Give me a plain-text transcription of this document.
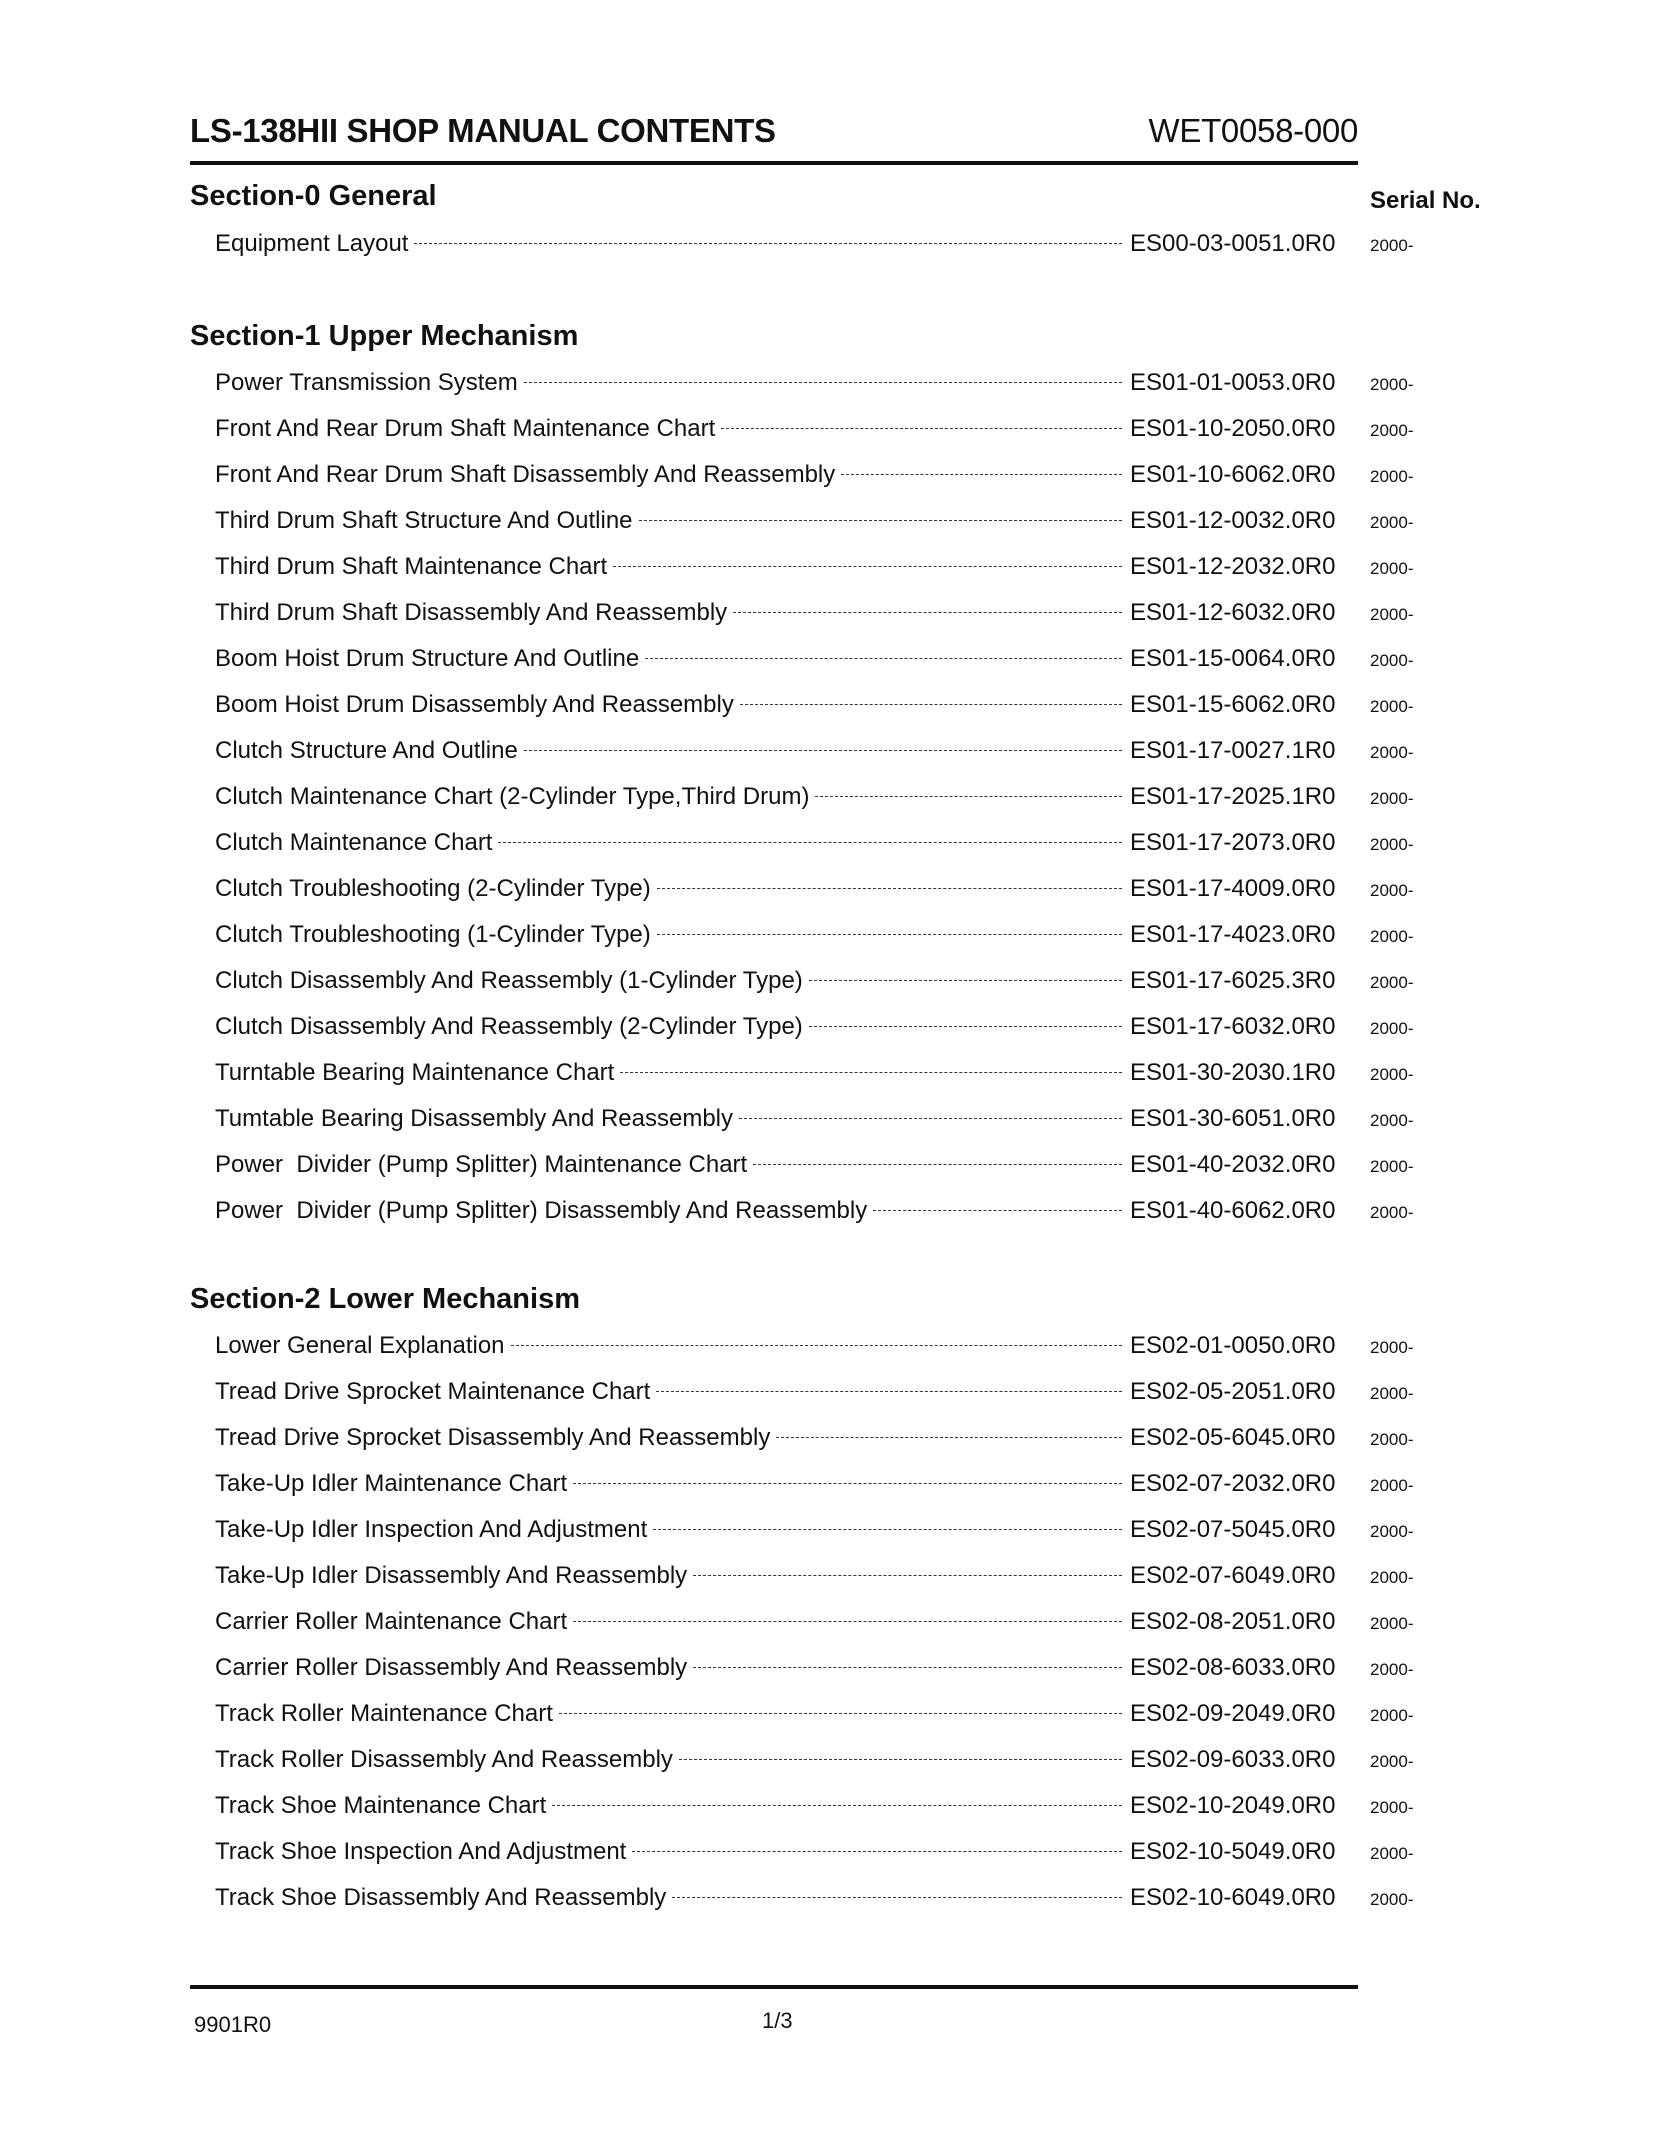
LS-138HII SHOP MANUAL CONTENTS	WET0058-000
Serial No.
Section-0 General
Equipment Layout	ES00-03-0051.0R0	2000-
Section-1 Upper Mechanism
Power Transmission System	ES01-01-0053.0R0	2000-
Front And Rear Drum Shaft Maintenance Chart	ES01-10-2050.0R0	2000-
Front And Rear Drum Shaft Disassembly And Reassembly	ES01-10-6062.0R0	2000-
Third Drum Shaft Structure And Outline	ES01-12-0032.0R0	2000-
Third Drum Shaft Maintenance Chart	ES01-12-2032.0R0	2000-
Third Drum Shaft Disassembly And Reassembly	ES01-12-6032.0R0	2000-
Boom Hoist Drum Structure And Outline	ES01-15-0064.0R0	2000-
Boom Hoist Drum Disassembly And Reassembly	ES01-15-6062.0R0	2000-
Clutch Structure And Outline	ES01-17-0027.1R0	2000-
Clutch Maintenance Chart (2-Cylinder Type,Third Drum)	ES01-17-2025.1R0	2000-
Clutch Maintenance Chart	ES01-17-2073.0R0	2000-
Clutch Troubleshooting (2-Cylinder Type)	ES01-17-4009.0R0	2000-
Clutch Troubleshooting (1-Cylinder Type)	ES01-17-4023.0R0	2000-
Clutch Disassembly And Reassembly (1-Cylinder Type)	ES01-17-6025.3R0	2000-
Clutch Disassembly And Reassembly (2-Cylinder Type)	ES01-17-6032.0R0	2000-
Turntable Bearing Maintenance Chart	ES01-30-2030.1R0	2000-
Tumtable Bearing Disassembly And Reassembly	ES01-30-6051.0R0	2000-
Power  Divider (Pump Splitter) Maintenance Chart	ES01-40-2032.0R0	2000-
Power  Divider (Pump Splitter) Disassembly And Reassembly	ES01-40-6062.0R0	2000-
Section-2 Lower Mechanism
Lower General Explanation	ES02-01-0050.0R0	2000-
Tread Drive Sprocket Maintenance Chart	ES02-05-2051.0R0	2000-
Tread Drive Sprocket Disassembly And Reassembly	ES02-05-6045.0R0	2000-
Take-Up Idler Maintenance Chart	ES02-07-2032.0R0	2000-
Take-Up Idler Inspection And Adjustment	ES02-07-5045.0R0	2000-
Take-Up Idler Disassembly And Reassembly	ES02-07-6049.0R0	2000-
Carrier Roller Maintenance Chart	ES02-08-2051.0R0	2000-
Carrier Roller Disassembly And Reassembly	ES02-08-6033.0R0	2000-
Track Roller Maintenance Chart	ES02-09-2049.0R0	2000-
Track Roller Disassembly And Reassembly	ES02-09-6033.0R0	2000-
Track Shoe Maintenance Chart	ES02-10-2049.0R0	2000-
Track Shoe Inspection And Adjustment	ES02-10-5049.0R0	2000-
Track Shoe Disassembly And Reassembly	ES02-10-6049.0R0	2000-
9901R0	1/3
